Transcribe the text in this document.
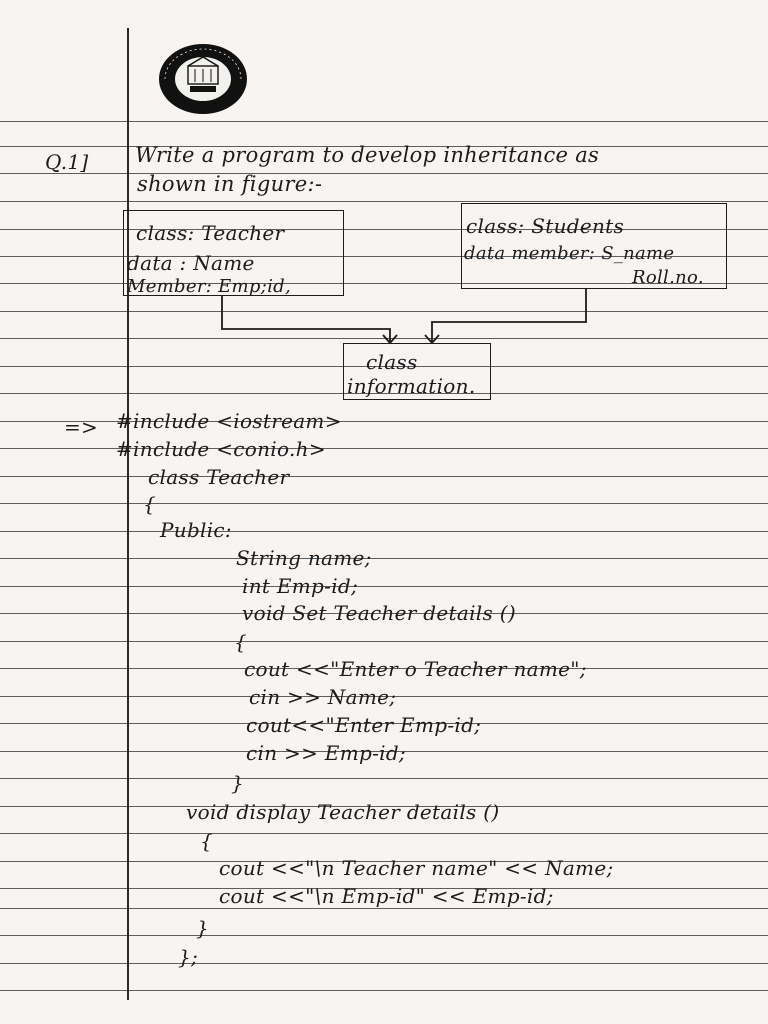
Q.1] Write a program to develop inheritance as
shown in figure:-
class: Teacher
data : Name
Member: Emp;id,
class: Students
data member: S_name
Roll.no.
class
information.
=> #include <iostream>
#include <conio.h>
class Teacher
{
Public:
String name;
int Emp-id;
void Set Teacher details ()
{
cout <<"Enter o Teacher name";
cin >> Name;
cout<<"Enter Emp-id;
cin >> Emp-id;
}
void display Teacher details ()
{
cout <<"\n Teacher name" << Name;
cout <<"\n Emp-id" << Emp-id;
}
};
